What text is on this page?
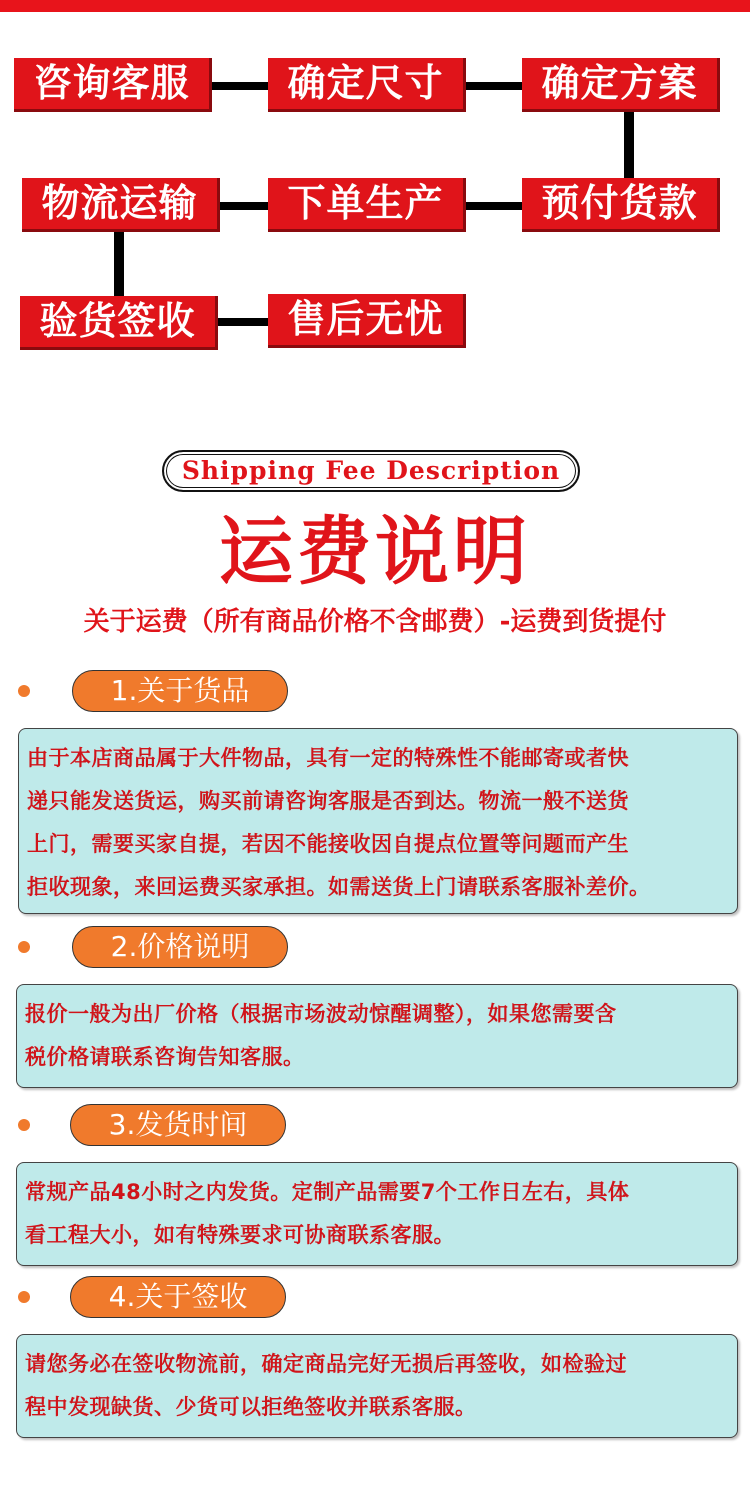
咨询客服	确定尺寸	确定方案
预付货款
下单生产
物流运输
验货签收	售后无忧
Shipping Fee Description
运费说明
关于运费（所有商品价格不含邮费）-运费到货提付
1.关于货品
由于本店商品属于大件物品，具有一定的特殊性不能邮寄或者快
递只能发送货运，购买前请咨询客服是否到达。物流一般不送货
上门，需要买家自提，若因不能接收因自提点位置等问题而产生
拒收现象，来回运费买家承担。如需送货上门请联系客服补差价。
2.价格说明
报价一般为出厂价格（根据市场波动惊醒调整），如果您需要含
税价格请联系咨询告知客服。
3.发货时间
常规产品48小时之内发货。定制产品需要7个工作日左右，具体
看工程大小，如有特殊要求可协商联系客服。
4.关于签收
请您务必在签收物流前，确定商品完好无损后再签收，如检验过
程中发现缺货、少货可以拒绝签收并联系客服。
